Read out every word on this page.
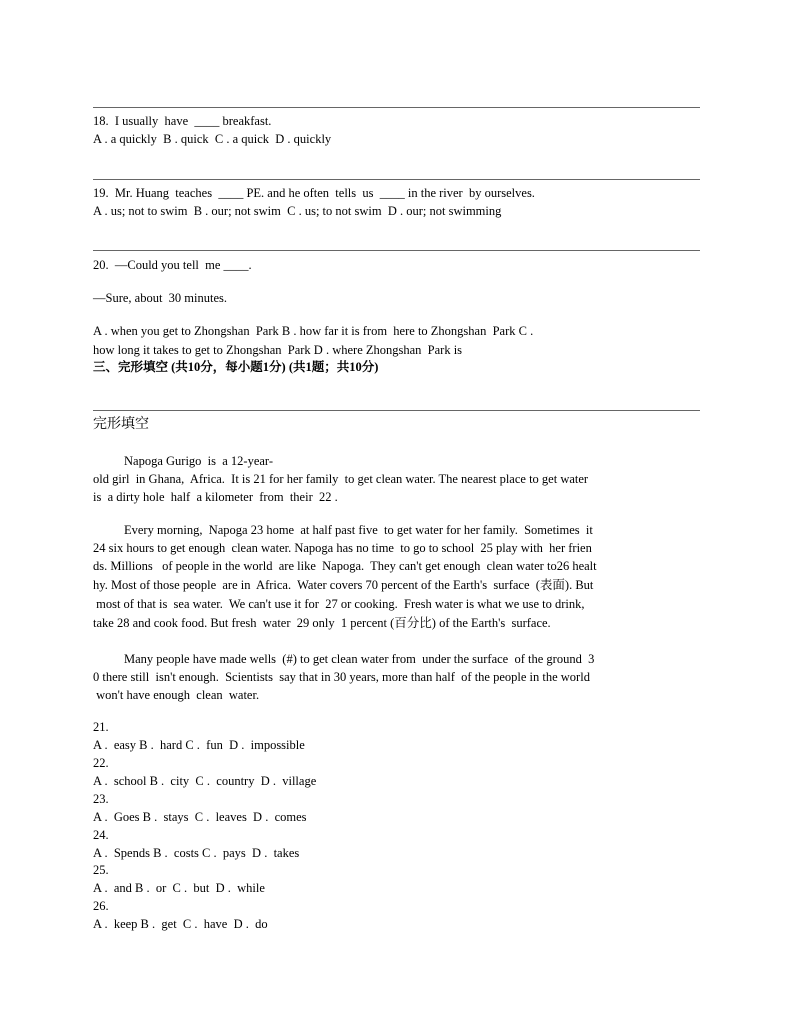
18.  I usually  have  ____ breakfast.
A . a quickly  B . quick  C . a quick  D . quickly
19.  Mr. Huang  teaches  ____ PE. and he often  tells  us  ____ in the river  by ourselves.
A . us; not to swim  B . our; not swim  C . us; to not swim  D . our; not swimming
20.  —Could you tell  me ____.
—Sure, about  30 minutes.
A . when you get to Zhongshan  Park B . how far it is from  here to Zhongshan  Park C .
how long it takes to get to Zhongshan  Park D . where Zhongshan  Park is
三、完形填空 (共10分，每小题1分) (共1题；共10分)
完形填空
Napoga Gurigo  is  a 12-year-
old girl  in Ghana,  Africa.  It is 21 for her family  to get clean water. The nearest place to get water
is  a dirty hole  half  a kilometer  from  their  22 .
Every morning,  Napoga 23 home  at half past five  to get water for her family.  Sometimes  it
24 six hours to get enough  clean water. Napoga has no time  to go to school  25 play with  her frien
ds. Millions   of people in the world  are like  Napoga.  They can't get enough  clean water to26 healt
hy. Most of those people  are in  Africa.  Water covers 70 percent of the Earth's  surface  (表面). But
most of that is  sea water.  We can't use it for  27 or cooking.  Fresh water is what we use to drink,
take 28 and cook food. But fresh  water  29 only  1 percent (百分比) of the Earth's  surface.
Many people have made wells  (#) to get clean water from  under the surface  of the ground  3
0 there still  isn't enough.  Scientists  say that in 30 years, more than half  of the people in the world
won't have enough  clean  water.
21.
A .  easy B .  hard C .  fun  D .  impossible
22.
A .  school B .  city  C .  country  D .  village
23.
A .  Goes B .  stays  C .  leaves  D .  comes
24.
A .  Spends B .  costs C .  pays  D .  takes
25.
A .  and B .  or  C .  but  D .  while
26.
A .  keep B .  get  C .  have  D .  do
